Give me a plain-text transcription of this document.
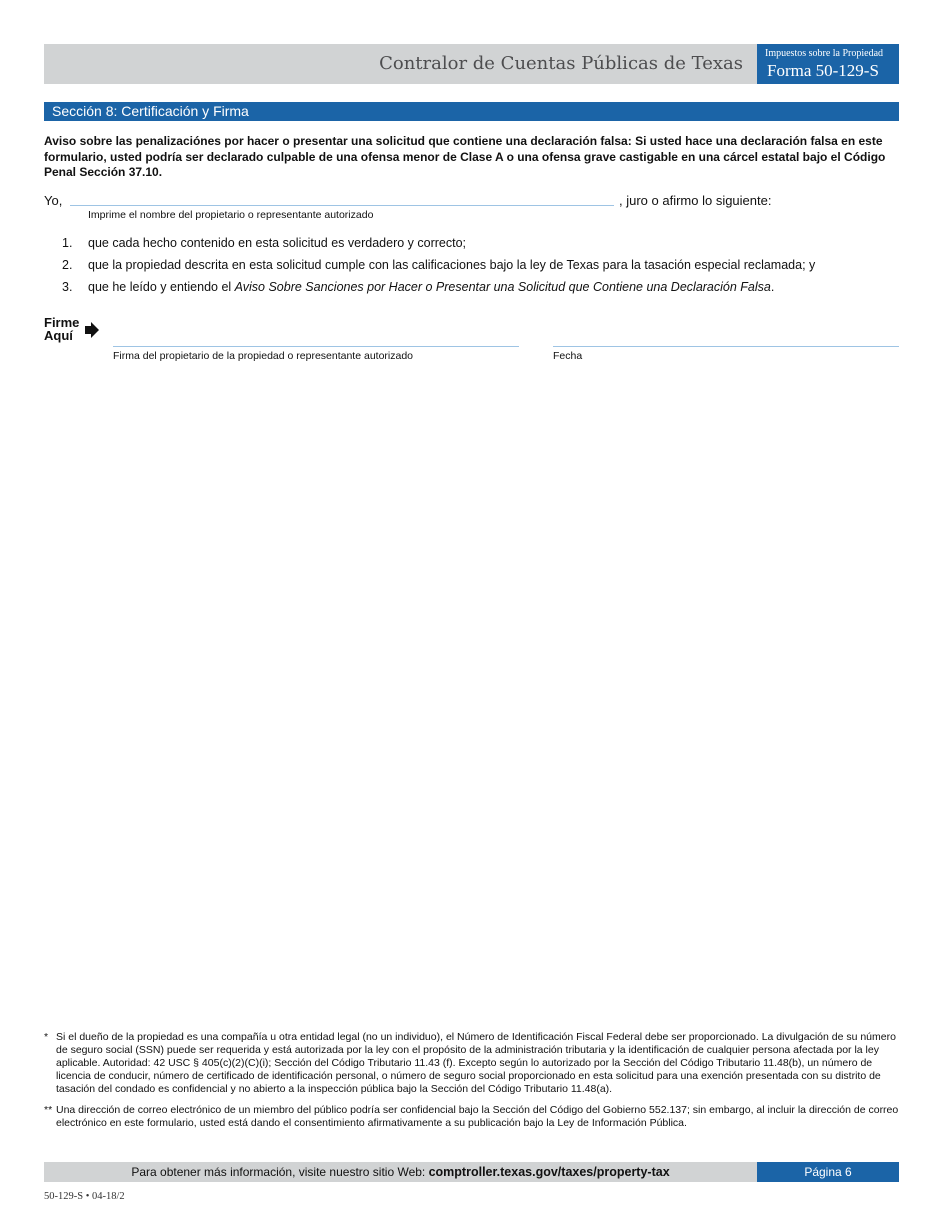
Contralor de Cuentas Públicas de Texas Impuestos sobre la Propiedad
Forma 50-129-S
Sección 8: Certificación y Firma
Aviso sobre las penalizaciónes por hacer o presentar una solicitud que contiene una declaración falsa: Si usted hace una declaración falsa en este formulario, usted podría ser declarado culpable de una ofensa menor de Clase A o una ofensa grave castigable en una cárcel estatal bajo el Código Penal Sección 37.10.
Yo,	, juro o afirmo lo siguiente:
Imprime el nombre del propietario o representante autorizado
1. que cada hecho contenido en esta solicitud es verdadero y correcto;
2. que la propiedad descrita en esta solicitud cumple con las calificaciones bajo la ley de Texas para la tasación especial reclamada; y
3. que he leído y entiendo el Aviso Sobre Sanciones por Hacer o Presentar una Solicitud que Contiene una Declaración Falsa.
Firme
Aquí
Firma del propietario de la propiedad o representante autorizado	Fecha
* Si el dueño de la propiedad es una compañía u otra entidad legal (no un individuo), el Número de Identificación Fiscal Federal debe ser proporcionado. La divulgación de su número de seguro social (SSN) puede ser requerida y está autorizada por la ley con el propósito de la administración tributaria y la identificación de cualquier persona afectada por la ley aplicable. Autoridad: 42 USC § 405(c)(2)(C)(i); Sección del Código Tributario 11.43 (f). Excepto según lo autorizado por la Sección del Código Tributario 11.48(b), un número de licencia de conducir, número de certificado de identificación personal, o número de seguro social proporcionado en esta solicitud para una exención presentada con su distrito de tasación del condado es confidencial y no abierto a la inspección pública bajo la Sección del Código Tributario 11.48(a).
** Una dirección de correo electrónico de un miembro del público podría ser confidencial bajo la Sección del Código del Gobierno 552.137; sin embargo, al incluir la dirección de correo electrónico en este formulario, usted está dando el consentimiento afirmativamente a su publicación bajo la Ley de Información Pública.
Para obtener más información, visite nuestro sitio Web: comptroller.texas.gov/taxes/property-tax	Página 6
50-129-S • 04-18/2
